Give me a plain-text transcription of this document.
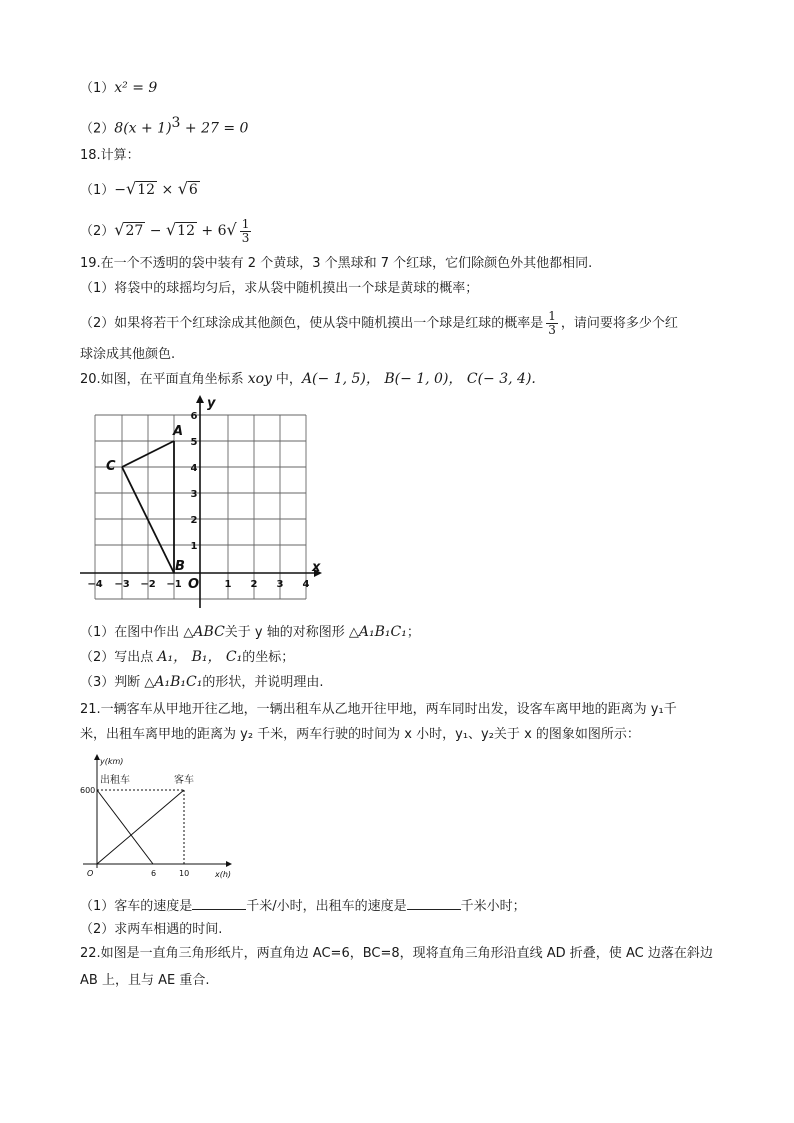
（1）x² = 9
$(2)8(x + 1)^3 + 27 = 0$
18.计算：
（1）−√12 × √6
$(2)√27 - √12 + 6√ \frac{1}{3}$
19.在一个不透明的袋中装有 2 个黄球，3 个黑球和 7 个红球，它们除颜色外其他都相同.
（1）将袋中的球摇均匀后，求从袋中随机摸出一个球是黄球的概率；
（2）如果将若干个红球涂成其他颜色，使从袋中随机摸出一个球是红球的概率是 $\frac{1}{3}$ ，请问要将多少个红
球涂成其他颜色.
20.如图，在平面直角坐标系 xoy 中，A(− 1, 5)， B(− 1, 0)， C(− 3, 4).
−4 −3 −2 −1	1 2 3 4
1
2
3
4
5
6
O
x
y
A
B
C
（1）在图中作出 △ABC关于 y 轴的对称图形 △A₁B₁C₁；
（2）写出点 A₁， B₁， C₁的坐标；
（3）判断 △A₁B₁C₁的形状，并说明理由.
21.一辆客车从甲地开往乙地，一辆出租车从乙地开往甲地，两车同时出发，设客车离甲地的距离为 y₁千
米，出租车离甲地的距离为 y₂ 千米，两车行驶的时间为 x 小时，y₁、y₂关于 x 的图象如图所示：
y(km)
x(h)
600
O	6	10
出租车	客车
（1）客车的速度是	千米/小时，出租车的速度是	千米小时；
（2）求两车相遇的时间.
22.如图是一直角三角形纸片，两直角边 AC=6，BC=8，现将直角三角形沿直线 AD 折叠，使 AC 边落在斜边
AB 上，且与 AE 重合.
